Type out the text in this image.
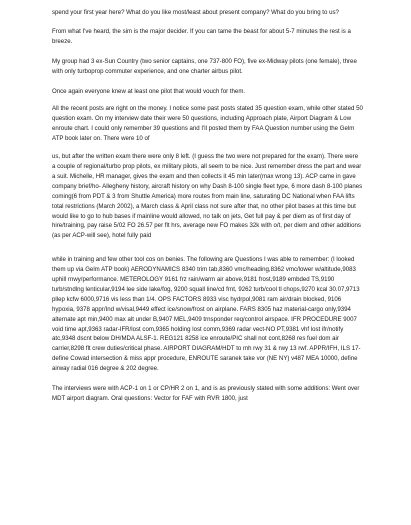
spend your first year here? What do you like most/least about present company? What do you bring to us?

From what I've heard, the sim is the major decider. If you can tame the beast for about 5-7 minutes the rest is a breeze.

My group had 3 ex-Sun Country (two senior captains, one 737-800 FO), five ex-Midway pilots (one female), three with only turboprop commuter experience, and one charter airbus pilot.

Once again everyone knew at least one pilot that would vouch for them.

All the recent posts are right on the money. I notice some past posts stated 35 question exam, while other stated 50 question exam. On my interview date their were 50 questions, including Approach plate, Airport Diagram & Low enroute chart. I could only remember 39 questions and I'll posted them by FAA Question number using the Gelm ATP book later on. There were 10 of

us, but after the written exam there were only 8 left. (I guess the two were not prepared for the exam). There were a couple of regional/turbo prop pilots, ex military pilots, all seem to be nice. Just remember dress the part and wear a suit. Michelle, HR manager, gives the exam and then collects it 45 min later(max wrong 13). ACP came in gave company brief/ho- Allegheny history, aircraft history on why Dash 8-100 single fleet type, 6 more dash 8-100 planes coming(6 from PDT & 3 from Shuttle America) more routes from main line, saturating DC National when FAA lifts total restrictions (March 2002), a March class & April class not sure after that, no other pilot bases at this time but would like to go to hub bases if mainline would allowed, no talk on jets, Get full pay & per diem as of first day of hire/training, pay raise 5/02 FO 26.57 per flt hrs, average new FO makes 32k with o/t, per diem and other additions (as per ACP-will see), hotel fully paid

while in training and few other tool cos on benies. The following are Questions I was able to remember: (I looked them up via Gelm ATP book) AERODYNAMICS 8340 trim tab,8360 vmc/heading,8362 vmc/lower w/altitude,9083 uphill rnwy/performance. METEROLOGY 9161 frz rain/warm air above,9181 frost,9189 embded TS,9190 turb/stndlng lenticular,9194 lee side lake/fog, 9200 squall line/cd frnt, 9262 turb/cool tl chops,9270 kcal 30.07,9713 pllep kcfw 6000,9716 vis less than 1/4. OPS FACTORS 8933 visc hydrpol,9081 ram air/drain blocked, 9106 hypoxia, 9378 appr/Ind w/visal,9449 effect ice/snow/frost on airplane. FARS 8305 haz material-cargo only,9394 alternate apt min,9400 max alt under B,9407 MEL,9409 trnsponder req/control airspace. IFR PROCEDURE 9007 void time apt,9363 radar-IFR/lost com,9365 holding lost comm,9369 radar vect-NO PT,9381 vhf lost ifr/notify atc,9348 dscnt below DH/MDA ALSF-1. REG121 8258 ice enroute/PIC shall not cont,8268 res fuel dom air carrier,8298 flt crew duties/critical phase. AIRPORT DIAGRAM/HDT to mh rwy 31 & rwy 13 rwf. APPR/IFH, ILS 17-define Cowad intersection & miss appr procedure, ENROUTE saranek take vor (NE NY) v487 MEA 10000, define airway radial 016 degree & 202 degree.

The interviews were with ACP-1 on 1 or CP/HR 2 on 1, and is as previously stated with some additions: Went over MDT airport diagram. Oral questions: Vector for FAF with RVR 1800, just
